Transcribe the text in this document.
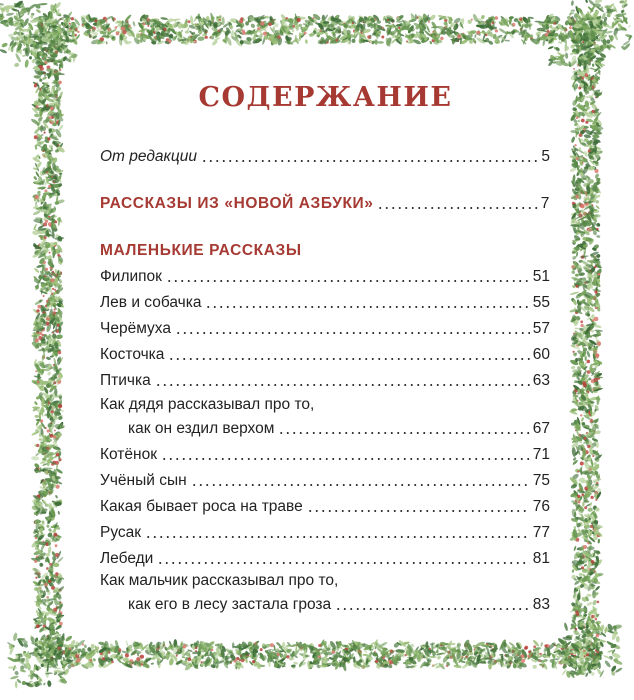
СОДЕРЖАНИЕ
От редакции	5
РАССКАЗЫ ИЗ «НОВОЙ АЗБУКИ»	7
МАЛЕНЬКИЕ РАССКАЗЫ
Филипок	51
Лев и собачка	55
Черёмуха	57
Косточка	60
Птичка	63
Как дядя рассказывал про то,
как он ездил верхом	67
Котёнок	71
Учёный сын	75
Какая бывает роса на траве	76
Русак	77
Лебеди	81
Как мальчик рассказывал про то,
как его в лесу застала гроза	83
